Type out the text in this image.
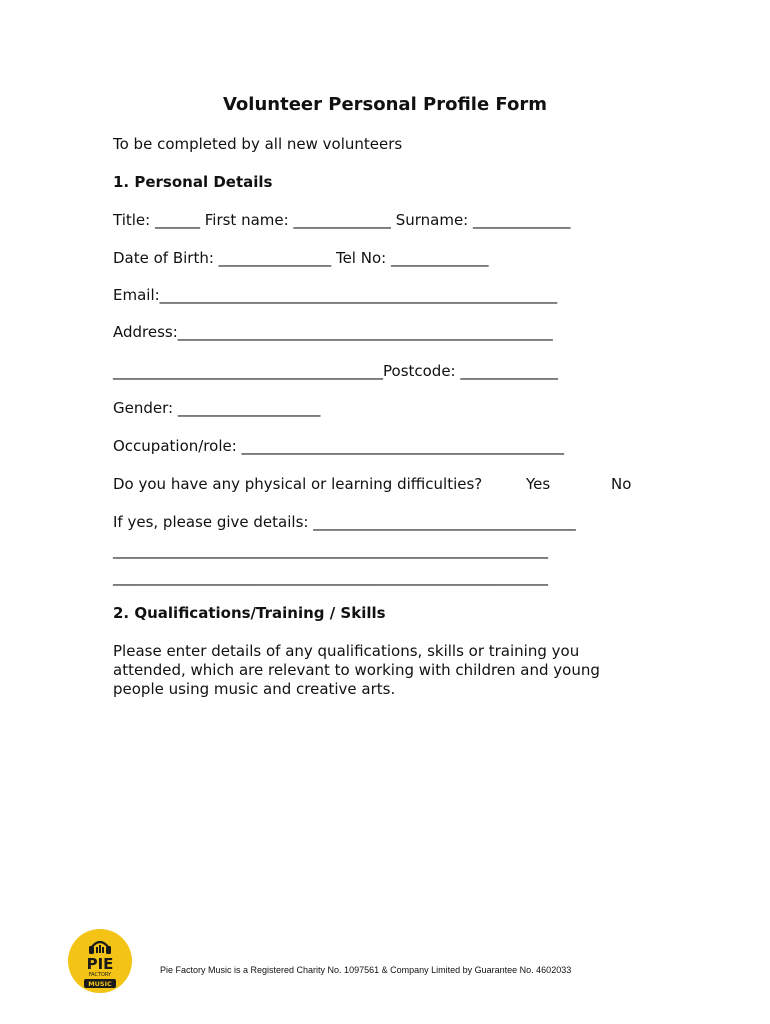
Volunteer Personal Profile Form
To be completed by all new volunteers
1. Personal Details
Title: ______ First name: _____________ Surname: _____________
Date of Birth: _______________ Tel No: _____________
Email:_____________________________________________________
Address:__________________________________________________
____________________________________Postcode: _____________
Gender: ___________________
Occupation/role: ___________________________________________
Do you have any physical or learning difficulties?	Yes	No
If yes, please give details: ___________________________________
__________________________________________________________
__________________________________________________________
2. Qualifications/Training / Skills
Please enter details of any qualifications, skills or training you
attended, which are relevant to working with children and young
people using music and creative arts.
PIE
FACTORY
MUSIC
Pie Factory Music is a Registered Charity No. 1097561 & Company Limited by Guarantee No. 4602033
